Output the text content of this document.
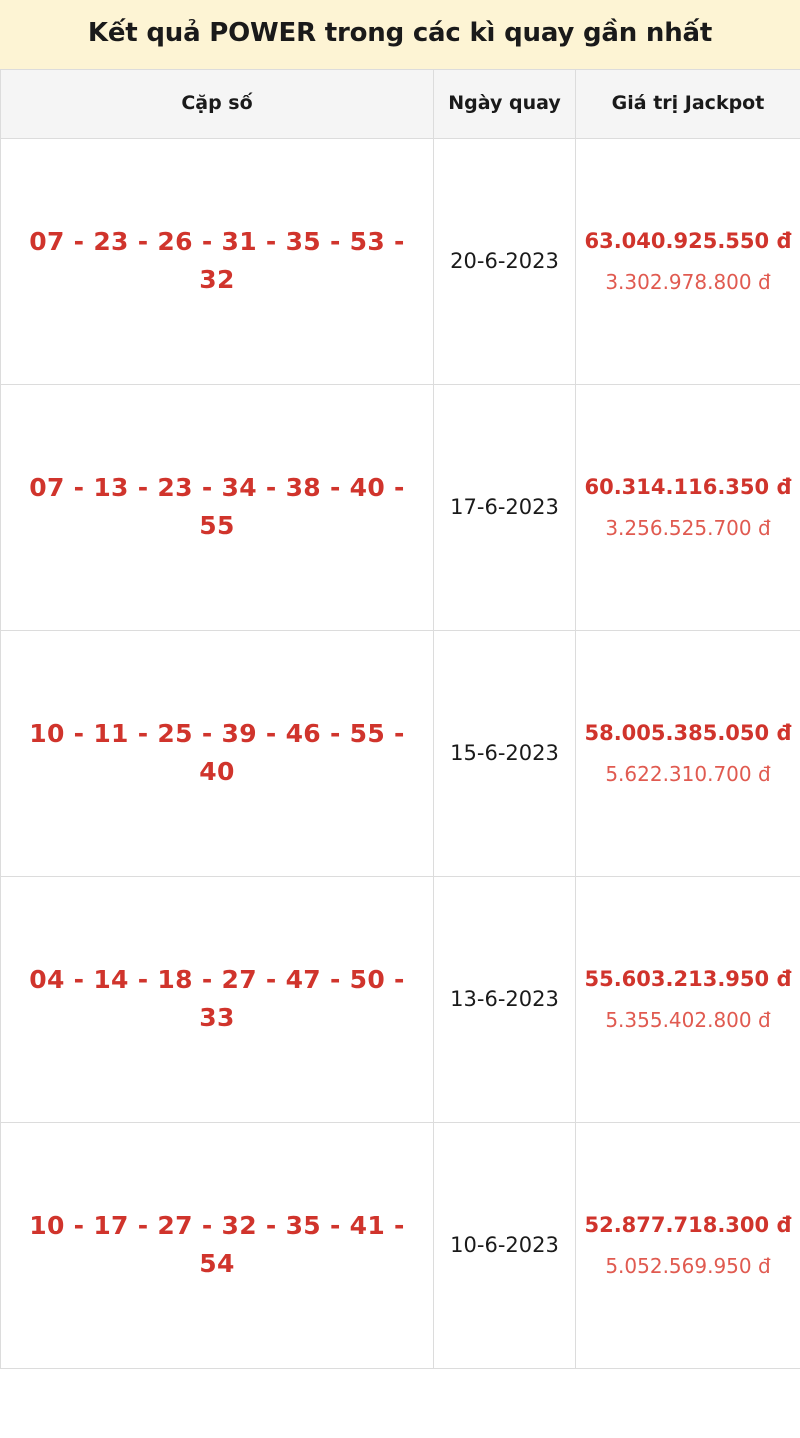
Kết quả POWER trong các kì quay gần nhất
Cặp số	Ngày quay	Giá trị Jackpot
07 - 23 - 26 - 31 - 35 - 53 - 32	20-6-2023	63.040.925.550 đ
3.302.978.800 đ

07 - 13 - 23 - 34 - 38 - 40 - 55	17-6-2023	60.314.116.350 đ
3.256.525.700 đ

10 - 11 - 25 - 39 - 46 - 55 - 40	15-6-2023	58.005.385.050 đ
5.622.310.700 đ

04 - 14 - 18 - 27 - 47 - 50 - 33	13-6-2023	55.603.213.950 đ
5.355.402.800 đ

10 - 17 - 27 - 32 - 35 - 41 - 54	10-6-2023	52.877.718.300 đ
5.052.569.950 đ
